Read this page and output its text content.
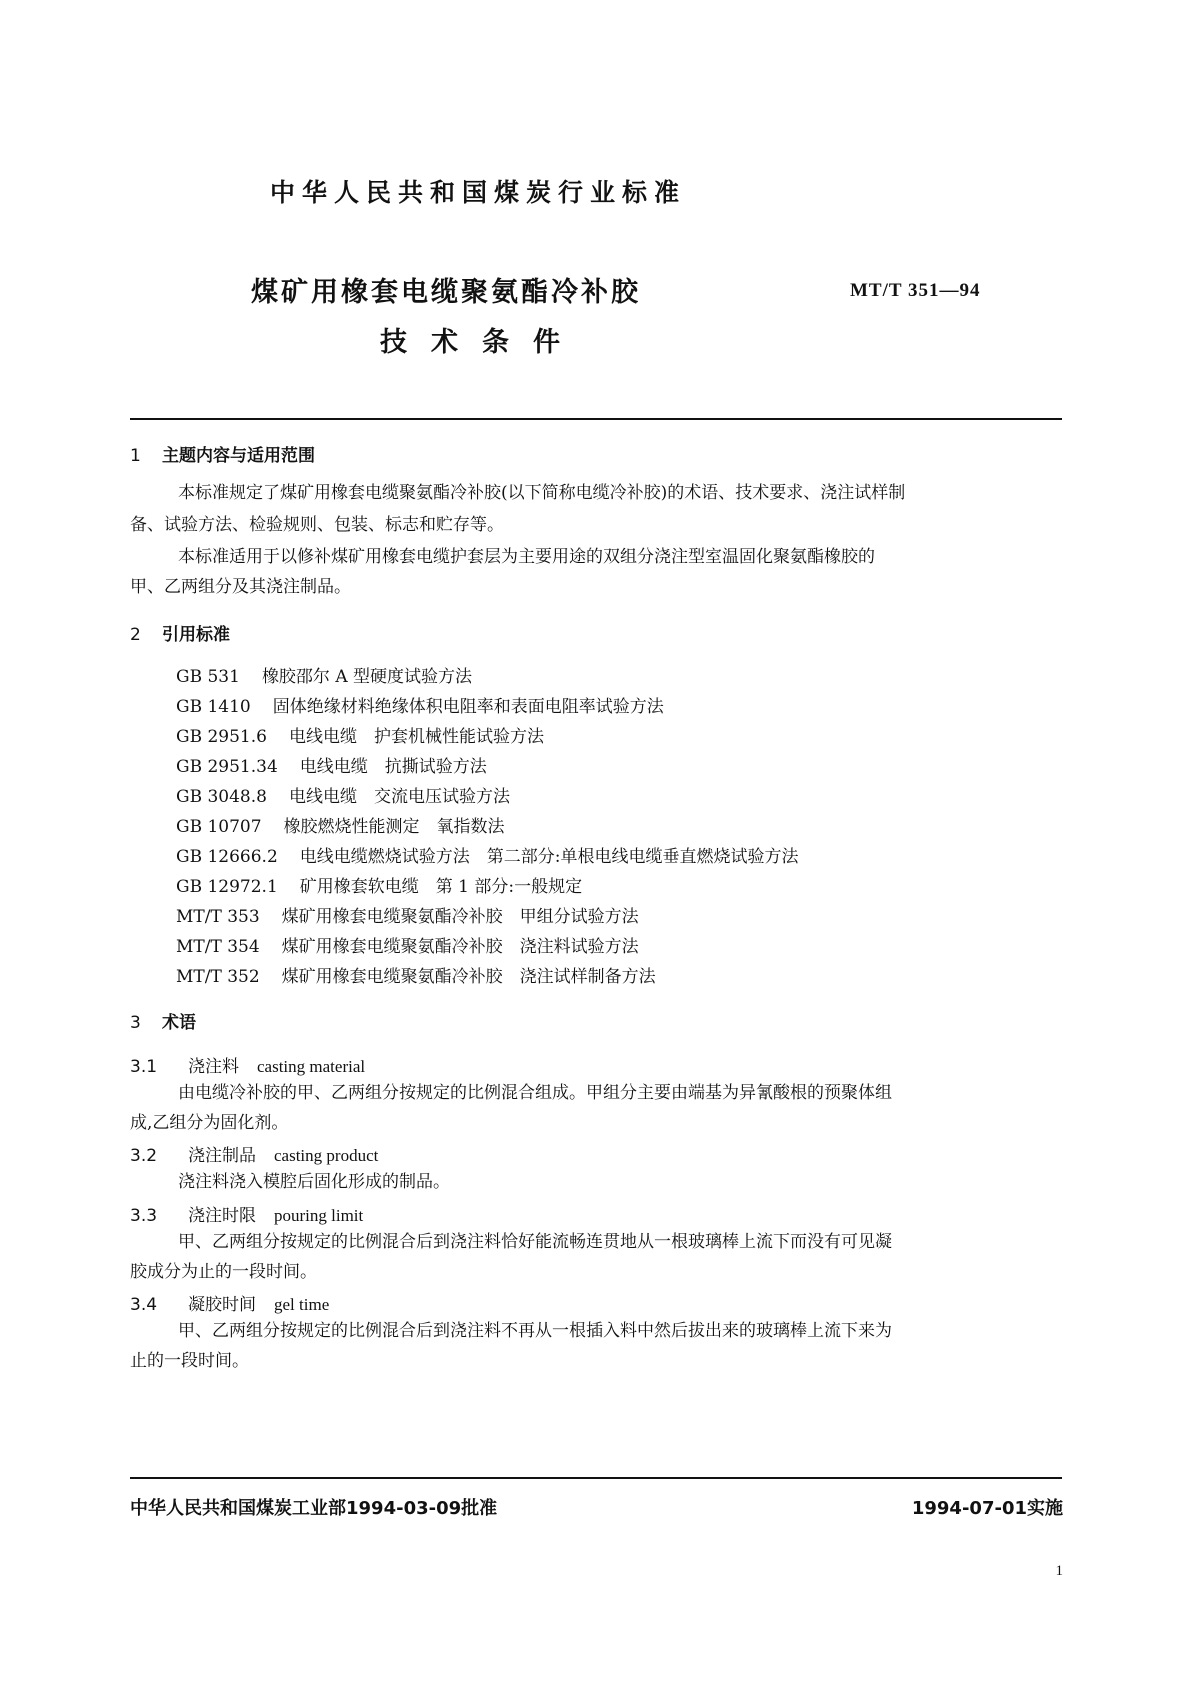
中华人民共和国煤炭行业标准
煤矿用橡套电缆聚氨酯冷补胶
技术条件
MT/T 351—94
1 主题内容与适用范围
本标准规定了煤矿用橡套电缆聚氨酯冷补胶(以下简称电缆冷补胶)的术语、技术要求、浇注试样制
备、试验方法、检验规则、包装、标志和贮存等。
本标准适用于以修补煤矿用橡套电缆护套层为主要用途的双组分浇注型室温固化聚氨酯橡胶的
甲、乙两组分及其浇注制品。
2 引用标准
GB 531 橡胶邵尔 A 型硬度试验方法
GB 1410 固体绝缘材料绝缘体积电阻率和表面电阻率试验方法
GB 2951.6 电线电缆　护套机械性能试验方法
GB 2951.34 电线电缆　抗撕试验方法
GB 3048.8 电线电缆　交流电压试验方法
GB 10707 橡胶燃烧性能测定　氧指数法
GB 12666.2 电线电缆燃烧试验方法　第二部分:单根电线电缆垂直燃烧试验方法
GB 12972.1 矿用橡套软电缆　第 1 部分:一般规定
MT/T 353 煤矿用橡套电缆聚氨酯冷补胶　甲组分试验方法
MT/T 354 煤矿用橡套电缆聚氨酯冷补胶　浇注料试验方法
MT/T 352 煤矿用橡套电缆聚氨酯冷补胶　浇注试样制备方法
3 术语
3.1 浇注料 casting material
由电缆冷补胶的甲、乙两组分按规定的比例混合组成。甲组分主要由端基为异氰酸根的预聚体组
成,乙组分为固化剂。
3.2 浇注制品 casting product
浇注料浇入模腔后固化形成的制品。
3.3 浇注时限 pouring limit
甲、乙两组分按规定的比例混合后到浇注料恰好能流畅连贯地从一根玻璃棒上流下而没有可见凝
胶成分为止的一段时间。
3.4 凝胶时间 gel time
甲、乙两组分按规定的比例混合后到浇注料不再从一根插入料中然后拔出来的玻璃棒上流下来为
止的一段时间。
中华人民共和国煤炭工业部1994-03-09批准	1994-07-01实施
1
